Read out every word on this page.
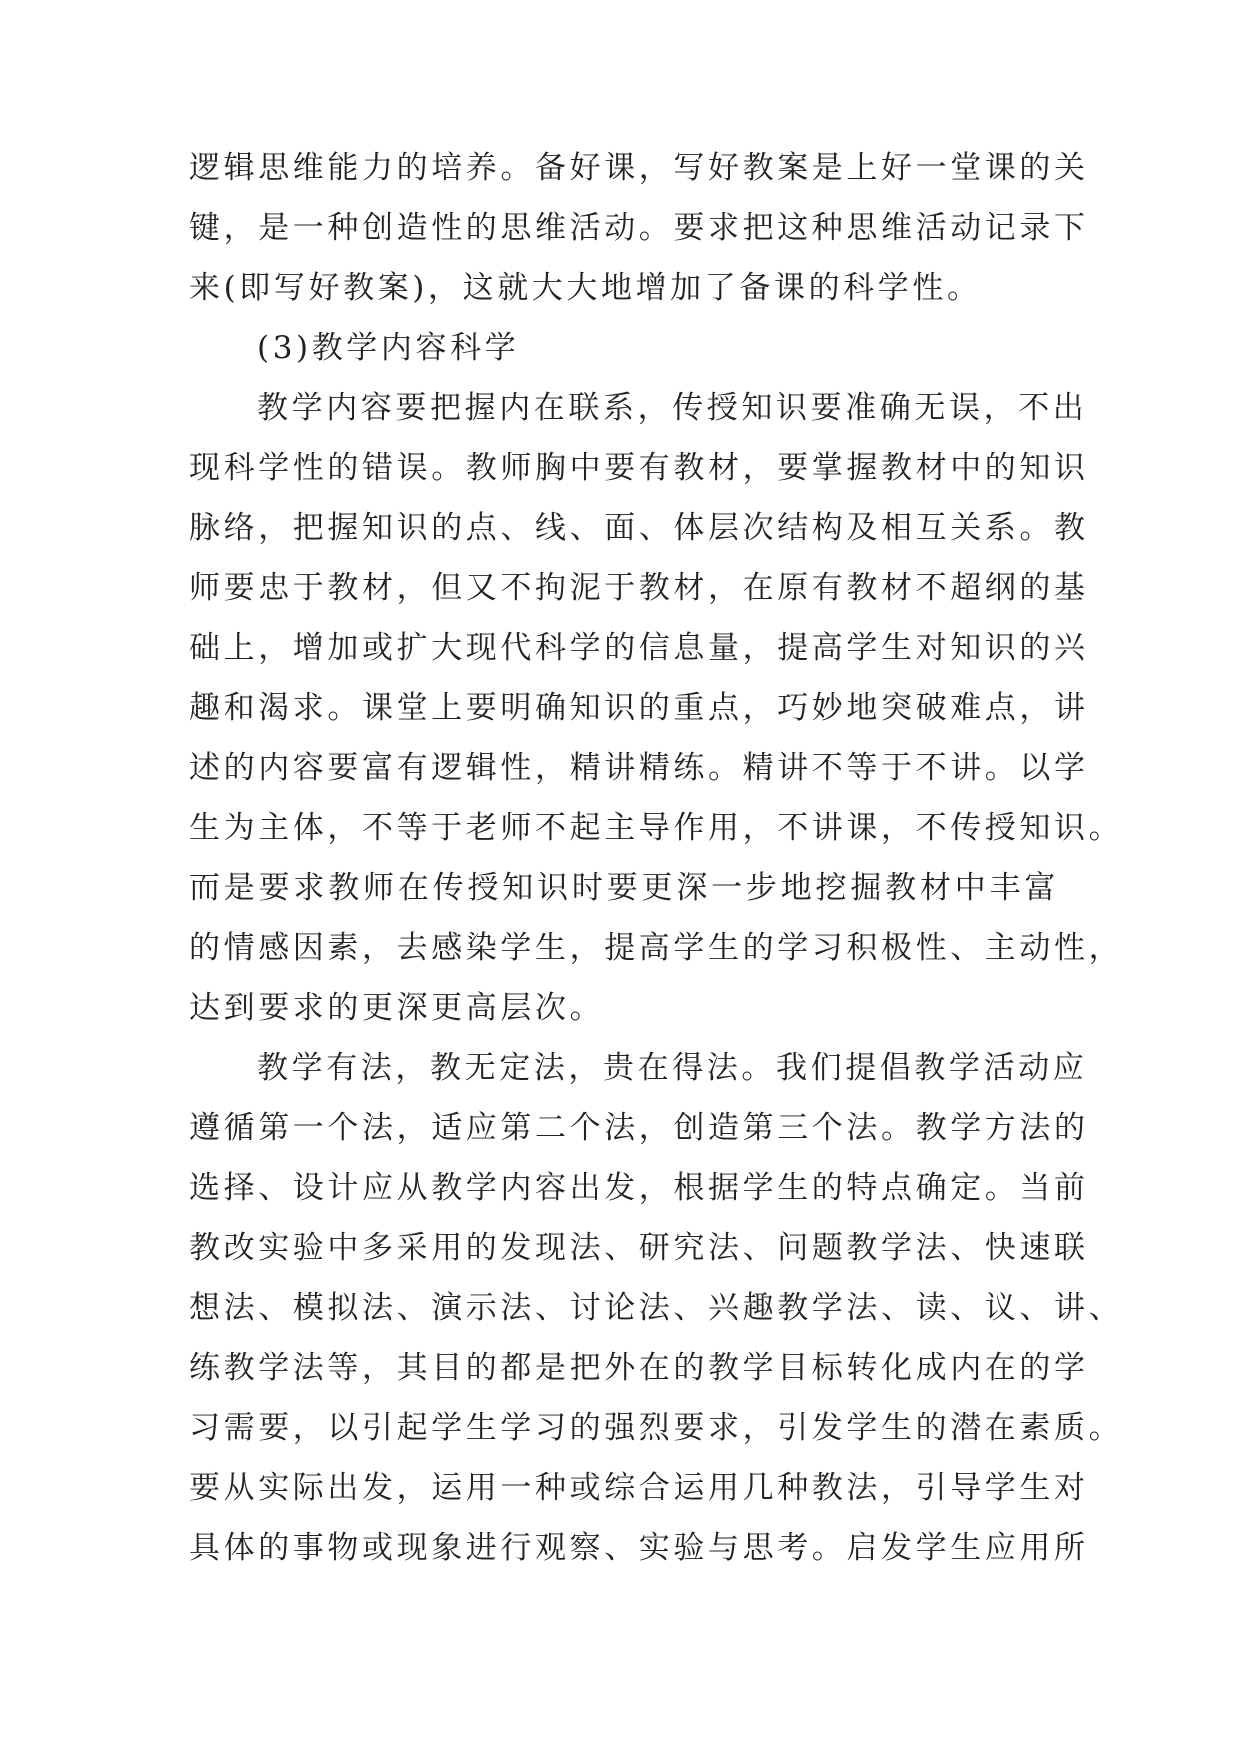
逻辑思维能力的培养。备好课，写好教案是上好一堂课的关
键，是一种创造性的思维活动。要求把这种思维活动记录下
来(即写好教案)，这就大大地增加了备课的科学性。
(3)教学内容科学
教学内容要把握内在联系，传授知识要准确无误，不出
现科学性的错误。教师胸中要有教材，要掌握教材中的知识
脉络，把握知识的点、线、面、体层次结构及相互关系。教
师要忠于教材，但又不拘泥于教材，在原有教材不超纲的基
础上，增加或扩大现代科学的信息量，提高学生对知识的兴
趣和渴求。课堂上要明确知识的重点，巧妙地突破难点，讲
述的内容要富有逻辑性，精讲精练。精讲不等于不讲。以学
生为主体，不等于老师不起主导作用，不讲课，不传授知识。
而是要求教师在传授知识时要更深一步地挖掘教材中丰富
的情感因素，去感染学生，提高学生的学习积极性、主动性，
达到要求的更深更高层次。
教学有法，教无定法，贵在得法。我们提倡教学活动应
遵循第一个法，适应第二个法，创造第三个法。教学方法的
选择、设计应从教学内容出发，根据学生的特点确定。当前
教改实验中多采用的发现法、研究法、问题教学法、快速联
想法、模拟法、演示法、讨论法、兴趣教学法、读、议、讲、
练教学法等，其目的都是把外在的教学目标转化成内在的学
习需要，以引起学生学习的强烈要求，引发学生的潜在素质。
要从实际出发，运用一种或综合运用几种教法，引导学生对
具体的事物或现象进行观察、实验与思考。启发学生应用所
